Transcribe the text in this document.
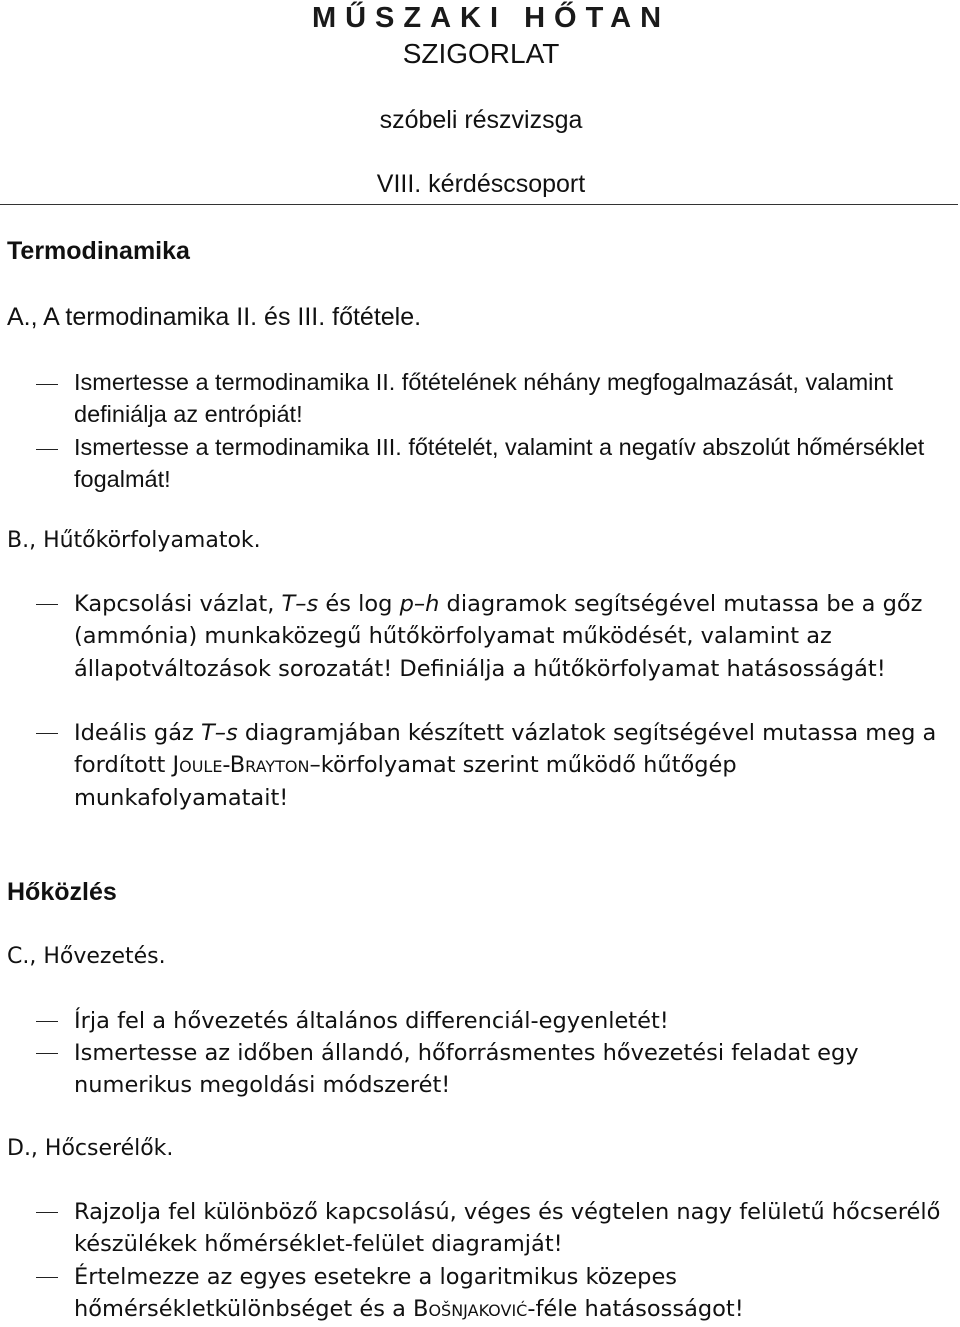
MŰSZAKI HŐTAN
SZIGORLAT
szóbeli részvizsga
VIII. kérdéscsoport
Termodinamika
A., A termodinamika II. és III. főtétele.

Ismertesse a termodinamika II. főtételének néhány megfogalmazását, valamint definiálja az entrópiát!

Ismertesse a termodinamika III. főtételét, valamint a negatív abszolút hőmérséklet fogalmát!

B., Hűtőkörfolyamatok.

Kapcsolási vázlat, T–s és log p–h diagramok segítségével mutassa be a gőz (ammónia) munkaközegű hűtőkörfolyamat működését, valamint az állapotváltozások sorozatát! Definiálja a hűtőkörfolyamat hatásosságát!

Ideális gáz T–s diagramjában készített vázlatok segítségével mutassa meg a fordított Joule-Brayton–körfolyamat szerint működő hűtőgép munkafolyamatait!

Hőközlés
C., Hővezetés.

Írja fel a hővezetés általános differenciál-egyenletét!

Ismertesse az időben állandó, hőforrásmentes hővezetési feladat egy numerikus megoldási módszerét!

D., Hőcserélők.

Rajzolja fel különböző kapcsolású, véges és végtelen nagy felületű hőcserélő készülékek hőmérséklet-felület diagramját!

Értelmezze az egyes esetekre a logaritmikus közepes hőmérsékletkülönbséget és a Bošnjaković-féle hatásosságot!
